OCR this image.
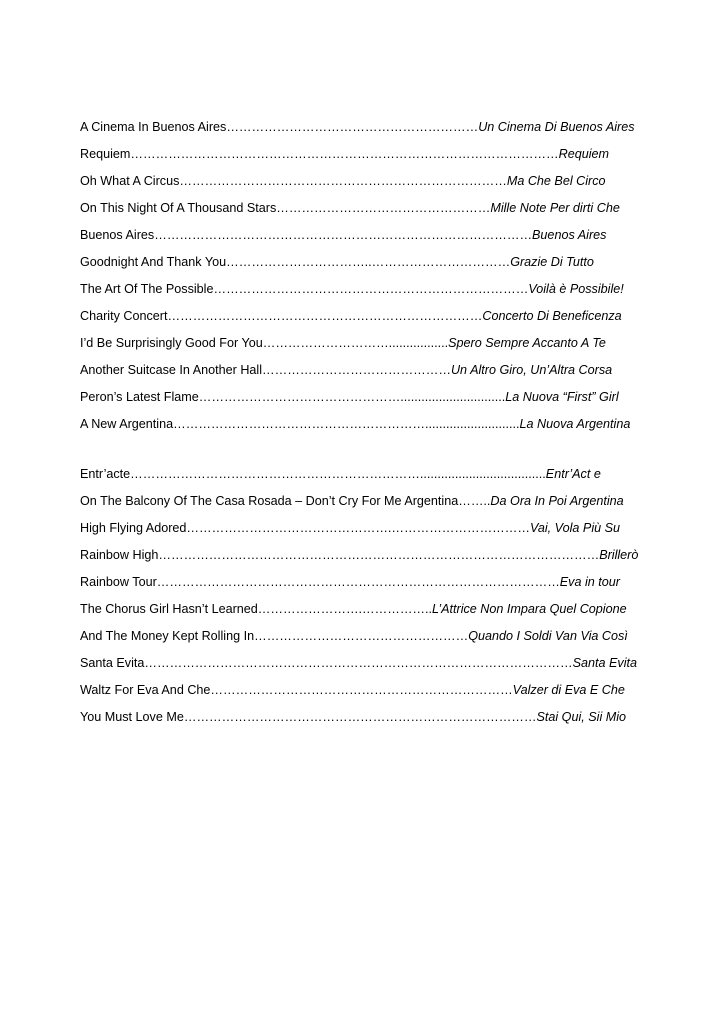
A Cinema In Buenos Aires……………………………………………………Un Cinema Di Buenos Aires
Requiem…………………………………………………………………………………………Requiem
Oh What A Circus……………………………………………………………………Ma Che Bel Circo
On This Night Of A Thousand Stars……………………………………………Mille Note Per dirti Che
Buenos Aires………………………………………………………………………………Buenos Aires
Goodnight And Thank You……………………………..……………………………Grazie Di Tutto
The Art Of The Possible…………………………………………………………………Voilà è Possibile!
Charity Concert…………………………………………………………………Concerto Di Beneficenza
I’d Be Surprisingly Good For You………………………….................Spero Sempre Accanto A Te
Another Suitcase In Another Hall………………………………………Un Altro Giro, Un’Altra Corsa
Peron’s Latest Flame…………………………………………..............................La Nuova “First” Girl
A New Argentina……………………………………………………...........................La Nuova Argentina
Entr’acte……………………………………………………………....................................Entr’Act e
On The Balcony Of The Casa Rosada – Don’t Cry For Me Argentina……..Da Ora In Poi Argentina
High Flying Adored………………………………………….……………………………Vai, Vola Più Su
Rainbow High……………………………………………………………………………………………Brillerò
Rainbow Tour……………………………………………………………………………………Eva in tour
The Chorus Girl Hasn’t Learned…………………….……………..L’Attrice Non Impara Quel Copione
And The Money Kept Rolling In……………………………………………Quando I Soldi Van Via Così
Santa Evita…………………………………………………………………………………………Santa Evita
Waltz For Eva And Che………………………………………………………………Valzer di Eva E Che
You Must Love Me…………………………………………………………………………Stai Qui, Sii Mio
